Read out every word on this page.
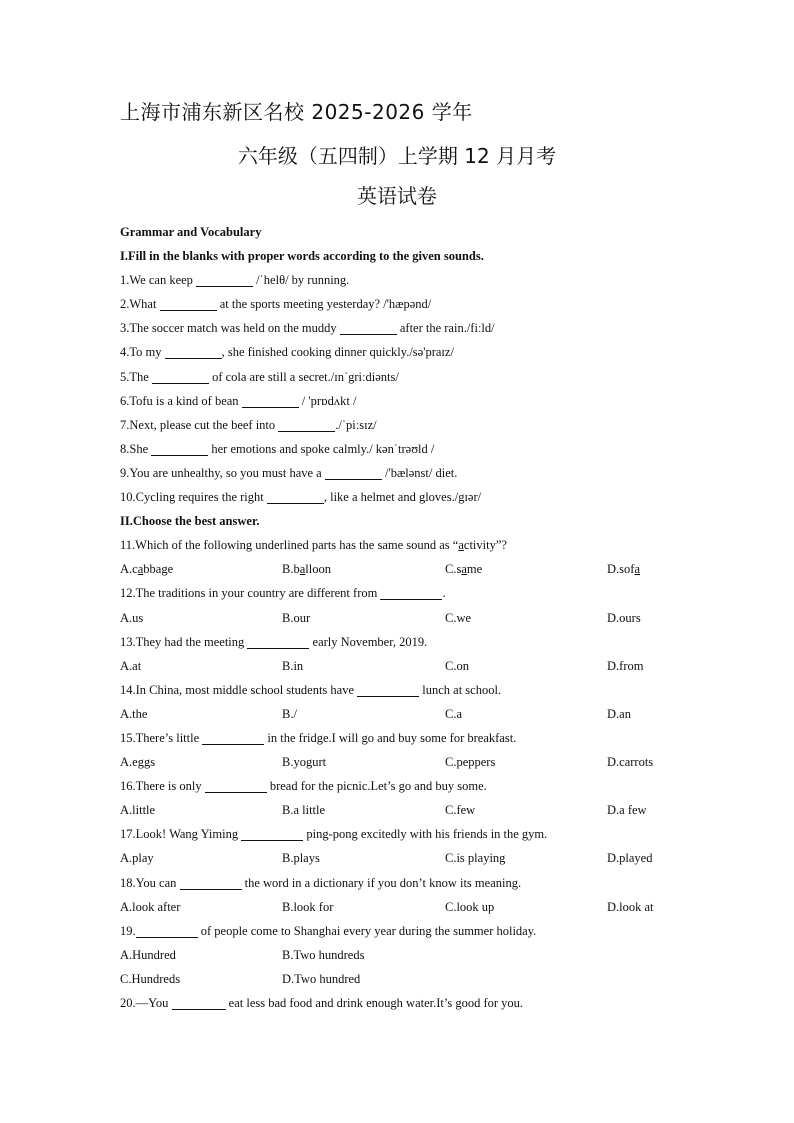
上海市浦东新区名校 2025-2026 学年
六年级（五四制）上学期 12 月月考
英语试卷
Grammar and Vocabulary
I.Fill in the blanks with proper words according to the given sounds.
1.We can keep	/ˈhelθ/ by running.
2.What	at the sports meeting yesterday? /'hæpənd/
3.The soccer match was held on the muddy	after the rain./fiːld/
4.To my	, she finished cooking dinner quickly./sə'praɪz/
5.The	of cola are still a secret./ɪnˈgriːdiənts/
6.Tofu is a kind of bean	/ 'prɒdʌkt /
7.Next, please cut the beef into	./ˈpiːsɪz/
8.She	her emotions and spoke calmly./ kənˈtrəʊld /
9.You are unhealthy, so you must have a	/'bælənst/ diet.
10.Cycling requires the right	, like a helmet and gloves./gɪər/
II.Choose the best answer.
11.Which of the following underlined parts has the same sound as “activity”?
A.cabbage	B.balloon	C.same	D.sofa
12.The traditions in your country are different from	.
A.us	B.our	C.we	D.ours
13.They had the meeting	early November, 2019.
A.at	B.in	C.on	D.from
14.In China, most middle school students have	lunch at school.
A.the	B./	C.a	D.an
15.There’s little	in the fridge.I will go and buy some for breakfast.
A.eggs	B.yogurt	C.peppers	D.carrots
16.There is only	bread for the picnic.Let’s go and buy some.
A.little	B.a little	C.few	D.a few
17.Look! Wang Yiming	ping-pong excitedly with his friends in the gym.
A.play	B.plays	C.is playing	D.played
18.You can	the word in a dictionary if you don’t know its meaning.
A.look after	B.look for	C.look up	D.look at
19.	of people come to Shanghai every year during the summer holiday.
A.Hundred	B.Two hundreds
C.Hundreds	D.Two hundred
20.—You	eat less bad food and drink enough water.It’s good for you.
